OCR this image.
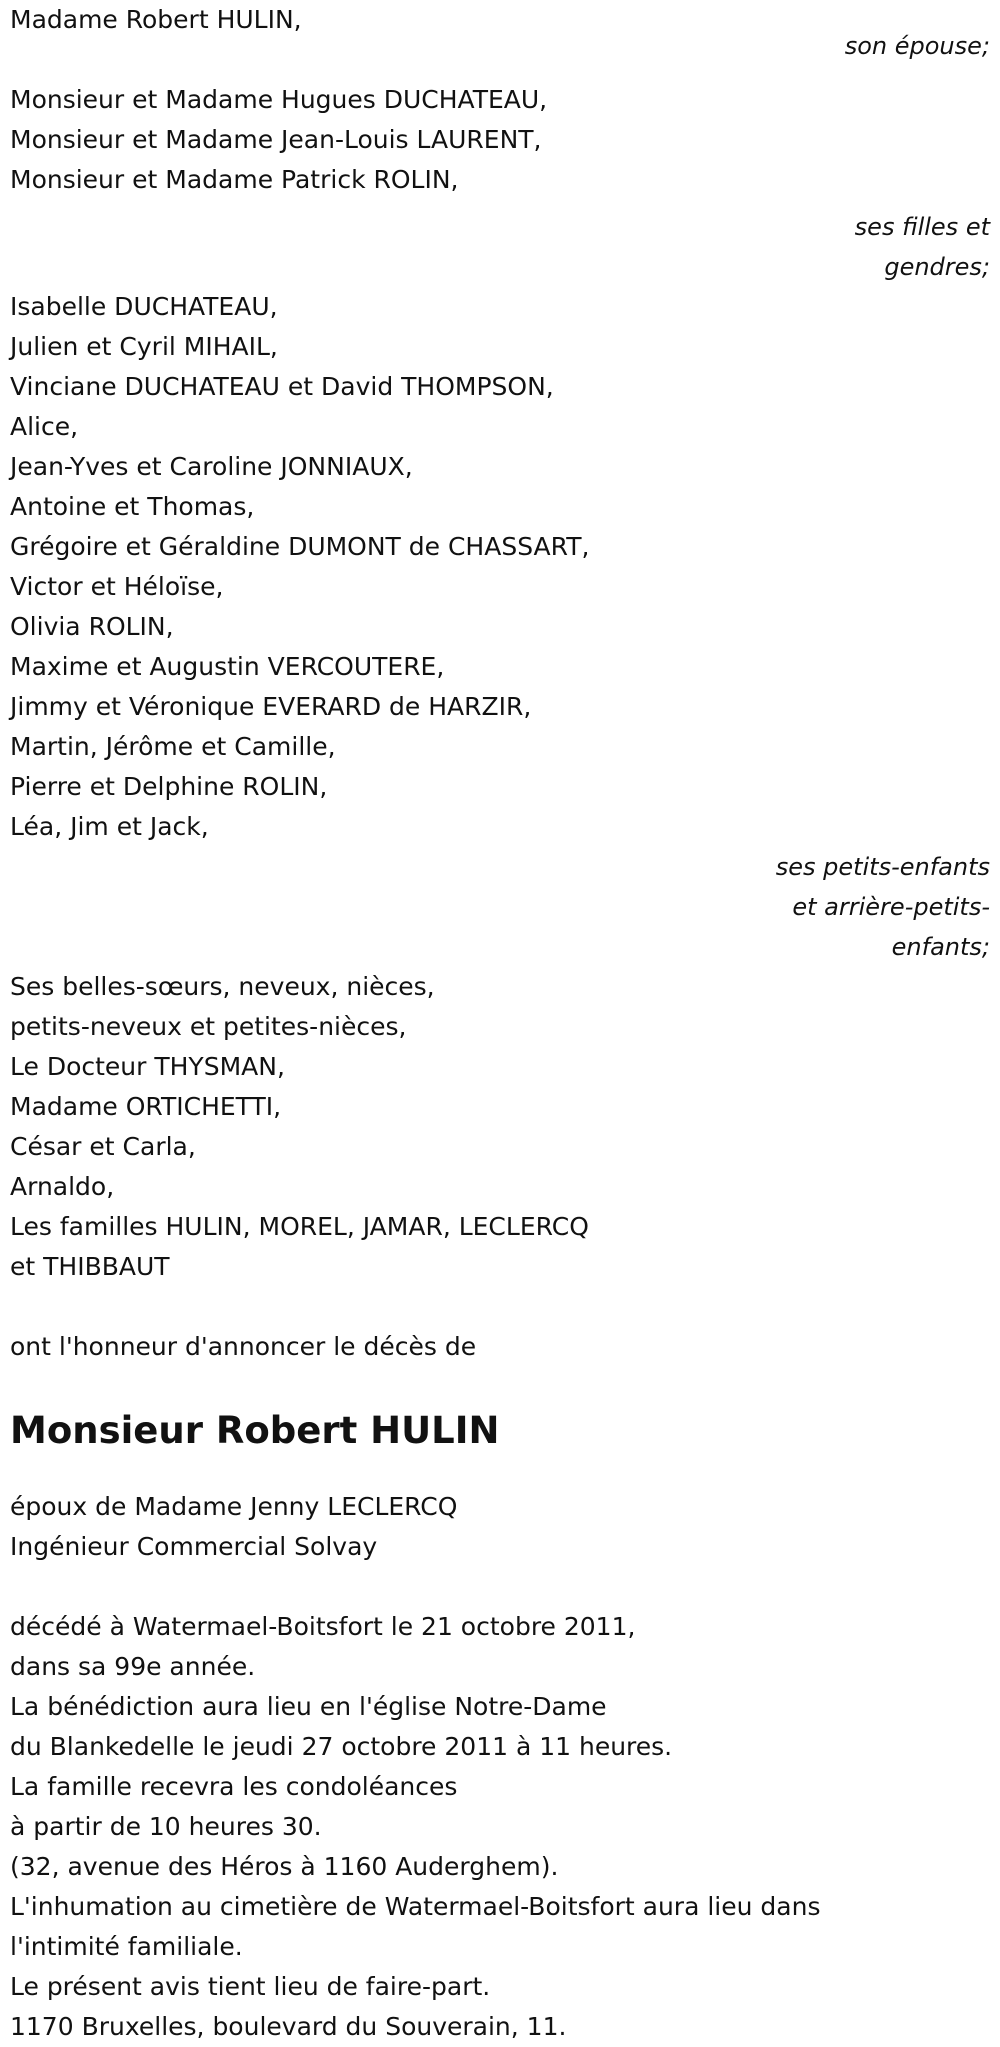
Madame Robert HULIN,
son épouse;
Monsieur et Madame Hugues DUCHATEAU,
Monsieur et Madame Jean-Louis LAURENT,
Monsieur et Madame Patrick ROLIN,
ses filles et
gendres;
Isabelle DUCHATEAU,
Julien et Cyril MIHAIL,
Vinciane DUCHATEAU et David THOMPSON,
Alice,
Jean-Yves et Caroline JONNIAUX,
Antoine et Thomas,
Grégoire et Géraldine DUMONT de CHASSART,
Victor et Héloïse,
Olivia ROLIN,
Maxime et Augustin VERCOUTERE,
Jimmy et Véronique EVERARD de HARZIR,
Martin, Jérôme et Camille,
Pierre et Delphine ROLIN,
Léa, Jim et Jack,
ses petits-enfants
et arrière-petits-
enfants;
Ses belles-sœurs, neveux, nièces,
petits-neveux et petites-nièces,
Le Docteur THYSMAN,
Madame ORTICHETTI,
César et Carla,
Arnaldo,
Les familles HULIN, MOREL, JAMAR, LECLERCQ
et THIBBAUT
ont l'honneur d'annoncer le décès de
Monsieur Robert HULIN
époux de Madame Jenny LECLERCQ
Ingénieur Commercial Solvay
décédé à Watermael-Boitsfort le 21 octobre 2011,
dans sa 99e année.
La bénédiction aura lieu en l'église Notre-Dame
du Blankedelle le jeudi 27 octobre 2011 à 11 heures.
La famille recevra les condoléances
à partir de 10 heures 30.
(32, avenue des Héros à 1160 Auderghem).
L'inhumation au cimetière de Watermael-Boitsfort aura lieu dans
l'intimité familiale.
Le présent avis tient lieu de faire-part.
1170 Bruxelles, boulevard du Souverain, 11.
